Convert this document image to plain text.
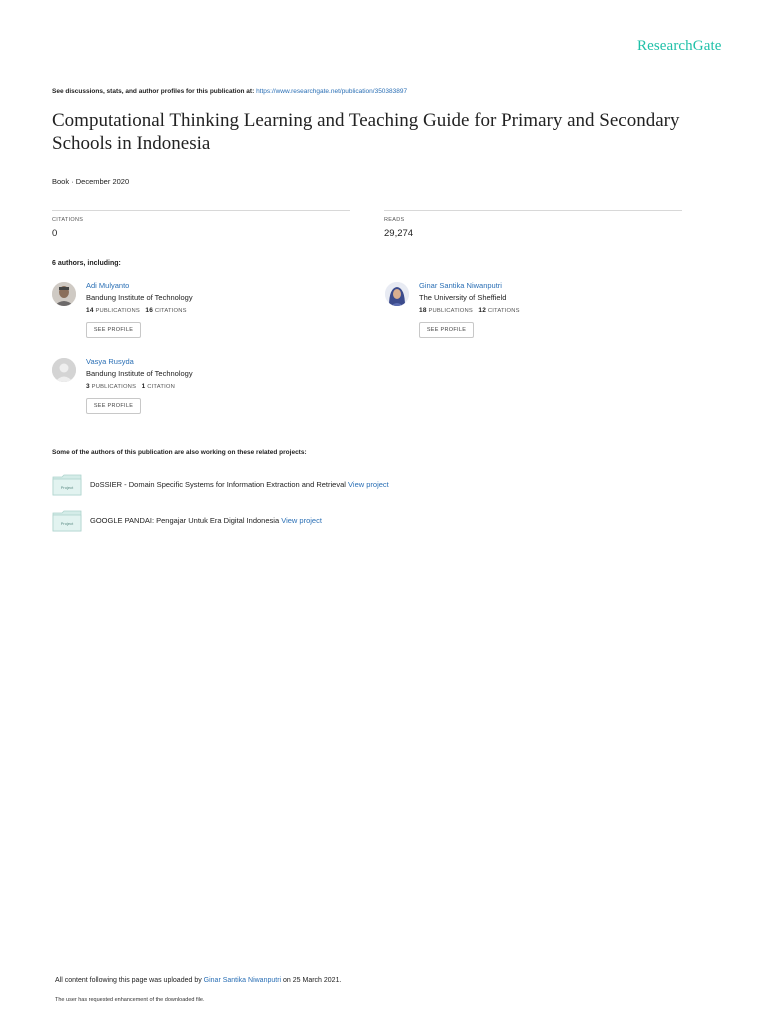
ResearchGate
See discussions, stats, and author profiles for this publication at: https://www.researchgate.net/publication/350383897
Computational Thinking Learning and Teaching Guide for Primary and Secondary Schools in Indonesia
Book · December 2020
CITATIONS
0
READS
29,274
6 authors, including:
Adi Mulyanto
Bandung Institute of Technology
14 PUBLICATIONS 16 CITATIONS
SEE PROFILE
Ginar Santika Niwanputri
The University of Sheffield
18 PUBLICATIONS 12 CITATIONS
SEE PROFILE
Vasya Rusyda
Bandung Institute of Technology
3 PUBLICATIONS 1 CITATION
SEE PROFILE
Some of the authors of this publication are also working on these related projects:
Project DoSSIER - Domain Specific Systems for Information Extraction and Retrieval View project
Project GOOGLE PANDAI: Pengajar Untuk Era Digital Indonesia View project
All content following this page was uploaded by Ginar Santika Niwanputri on 25 March 2021.
The user has requested enhancement of the downloaded file.
